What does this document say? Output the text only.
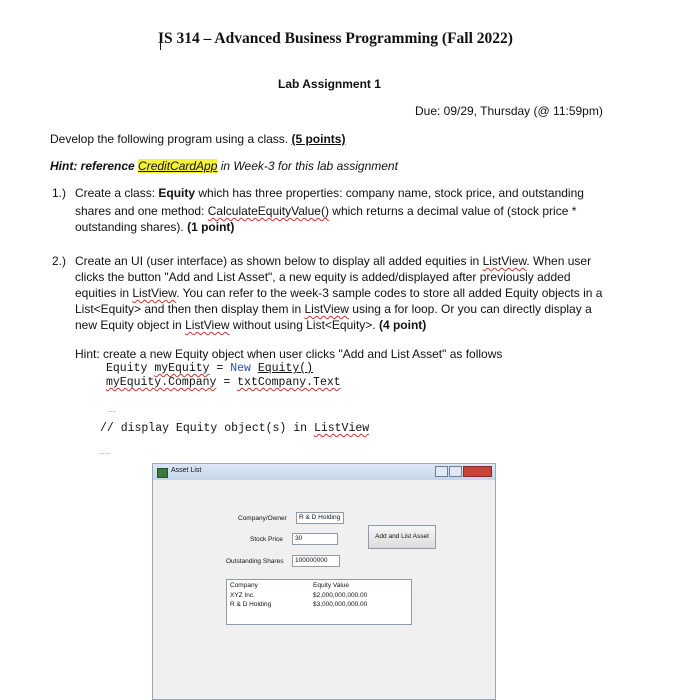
IS 314 – Advanced Business Programming (Fall 2022)
Lab Assignment 1
Due: 09/29, Thursday (@ 11:59pm)
Develop the following program using a class. (5 points)
Hint: reference CreditCardApp in Week-3 for this lab assignment
1.) Create a class: Equity which has three properties: company name, stock price, and outstanding
shares and one method: CalculateEquityValue() which returns a decimal value of (stock price *
outstanding shares). (1 point)
2.) Create an UI (user interface) as shown below to display all added equities in ListView. When user
clicks the button "Add and List Asset", a new equity is added/displayed after previously added
equities in ListView. You can refer to the week-3 sample codes to store all added Equity objects in a
List<Equity> and then then display them in ListView using a for loop. Or you can directly display a
new Equity object in ListView without using List<Equity>. (4 point)
Hint: create a new Equity object when user clicks "Add and List Asset" as follows
Equity myEquity = New Equity()
myEquity.Company = txtCompany.Text
...
// display Equity object(s) in ListView
....
Asset List
Company/Owner	R & D Holding
Stock Price	30	Add and List Asset
Outstanding Shares	100000000
Company	Equity Value
XYZ Inc.	$2,000,000,000.00
R & D Holding	$3,000,000,000.00
